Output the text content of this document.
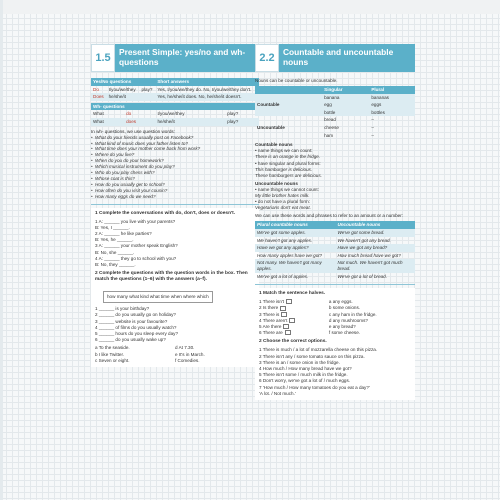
1.5 Present Simple: yes/no and wh- questions
Yes/No questions			Short answers
Do	I/you/we/they	play?	Yes, I/you/we/they do. No, I/you/we/they don't.
Does	he/she/it		Yes, he/she/it does. No, he/she/it doesn't.
Wh- questions			
What	do	I/you/we/they	play?
What	does	he/she/it	play?
In wh- questions, we use question words:
• What do your friends usually post on Facebook?
• What kind of music does your father listen to?
• What time does your mother come back from work?
• Where do you live?
• When do you do your homework?
• Which musical instrument do you play?
• Who do you play chess with?
• Whose coat is this?
• How do you usually get to school?
• How often do you visit your cousin?
• How many eggs do we need?
1 Complete the conversations with do, don't, does or doesn't.
1 A: ______ you live with your parents?
B: Yes, I ______.
2 A: ______ he like parties?
B: Yes, he ______.
3 A: ______ your mother speak English?
B: No, she ______.
4 A: ______ they go to school with you?
B: No, they ______.
2 Complete the questions with the question words in the box. Then match the questions (1–6) with the answers (a–f).
how many what kind what time when where which
1 ______ is your birthday?
2 ______ do you usually go on holiday?
3 ______ website is your favourite?
4 ______ of films do you usually watch?
5 ______ hours do you sleep every day?
6 ______ do you usually wake up?
a To the seaside.
b I like Twitter.
c Seven or eight.
d At 7.30.
e It's in March.
f Comedies.
2.2 Countable and uncountable nouns
Nouns can be countable or uncountable.
	Singular	Plural
Countable	banana	bananas
	egg	eggs
	bottle	bottles
Uncountable	bread	–
	cheese	–
	ham	–
Countable nouns
• name things we can count:
There is an orange in the fridge.
• have singular and plural forms:
This hamburger is delicious.
These hamburgers are delicious.
Uncountable nouns
• name things we cannot count:
My little brother hates milk.
• do not have a plural form:
Vegetarians don't eat meat.
We can use these words and phrases to refer to an amount or a number:
Plural countable nouns	Uncountable nouns
We've got some apples.	We've got some bread.
We haven't got any apples.	We haven't got any bread.
Have we got any apples?	Have we got any bread?
How many apples have we got?	How much bread have we got?
Not many. We haven't got many apples.	Not much. We haven't got much bread.
We've got a lot of apples.	We've got a lot of bread.
1 Match the sentence halves.
1 There isn't
2 Is there
3 There is
4 There aren't
5 Are there
6 There are
a any eggs.
b some onions.
c any ham in the fridge.
d any mushrooms?
e any bread?
f some cheese.
2 Choose the correct options.
1 There is much / a lot of mozzarella cheese on this pizza.
2 There isn't any / some tomato sauce on this pizza.
3 There is an / some onion in the fridge.
4 How much / How many bread have we got?
5 There isn't some / much milk in the fridge.
6 Don't worry, we've got a lot of / much eggs.
7 'How much / How many tomatoes do you eat a day?'
'A lot. / Not much.'
